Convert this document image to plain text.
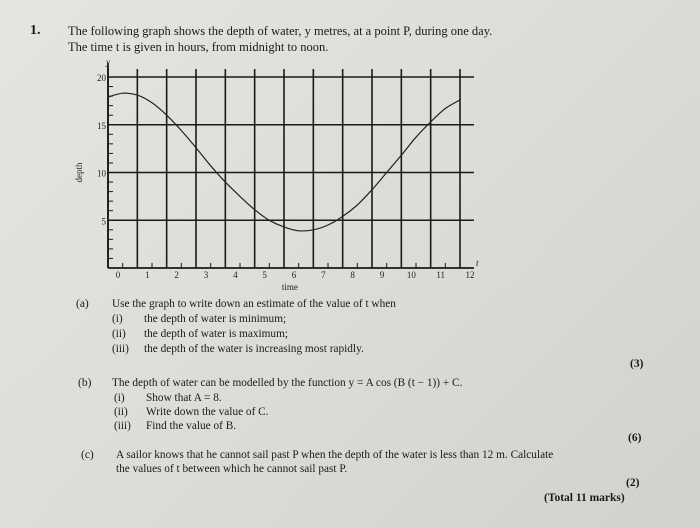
1. The following graph shows the depth of water, y metres, at a point P, during one day.
The time t is given in hours, from midnight to noon.
0	1	2	3	4	5	6	7	8	9	10 11 12
5
10
15
20
y
t
time
depth
(a) Use the graph to write down an estimate of the value of t when
(i) the depth of water is minimum;
(ii) the depth of water is maximum;
(iii) the depth of the water is increasing most rapidly.
(3)
(b) The depth of water can be modelled by the function y = A cos (B (t − 1)) + C.
(i) Show that A = 8.
(ii) Write down the value of C.
(iii) Find the value of B.
(6)
(c) A sailor knows that he cannot sail past P when the depth of the water is less than 12 m. Calculate
the values of t between which he cannot sail past P.
(2)
(Total 11 marks)
